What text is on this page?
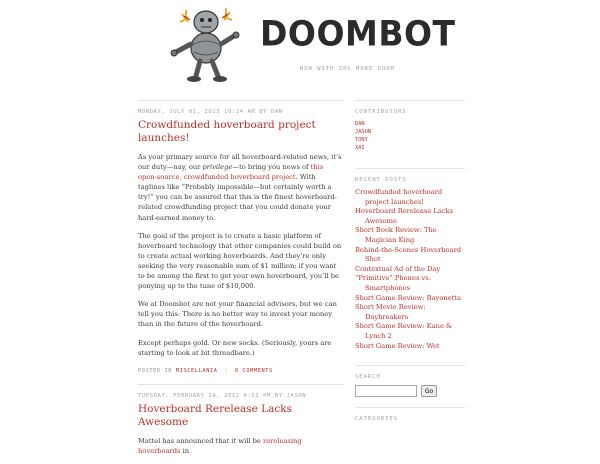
DOOMBOT
NOW WITH 20% MORE DOOM
MONDAY, JULY 01, 2013 10:34 AM BY DAN
Crowdfunded hoverboard project launches!

As your primary source for all hoverboard-related news, it’s our duty—nay, our privilege—to bring you news of this open-source, crowdfunded hoverboard project. With taglines like “Probably impossible—but certainly worth a try!” you can be assured that this is the finest hoverboard-related crowdfunding project that you could donate your hard-earned money to.

The goal of the project is to create a basic platform of hoverboard technology that other companies could build on to create actual working hoverboards. And they’re only seeking the very reasonable sum of $1 million; if you want to be among the first to get your own hoverboard, you’ll be ponying up to the tune of $10,000.

We at Doombot are not your financial advisors, but we can tell you this: There is no better way to invest your money than in the future of the hoverboard.

Except perhaps gold. Or new socks. (Seriously, yours are starting to look at bit threadbare.)

POSTED IN MISCELLANIA | 0 COMMENTS
TUESDAY, FEBRUARY 14, 2012 6:52 PM BY JASON
Hoverboard Rerelease Lacks Awesome

Mattel has announced that it will be rereleasing hoverboards in

CONTRIBUTORS
DAN
JASON
TONY
XAI
RECENT POSTS
Crowdfunded hoverboard project launches!
Hoverboard Rerelease Lacks Awesome
Short Book Review: The Magician King
Behind-the-Scenes Hoverboard Shot
Contextual Ad of the Day
“Primitive” Phones vs. Smartphones
Short Game Review: Bayonetta
Short Movie Review: Daybreakers
Short Game Review: Kane & Lynch 2
Short Game Review: Wet
SEARCH
Go
CATEGORIES
